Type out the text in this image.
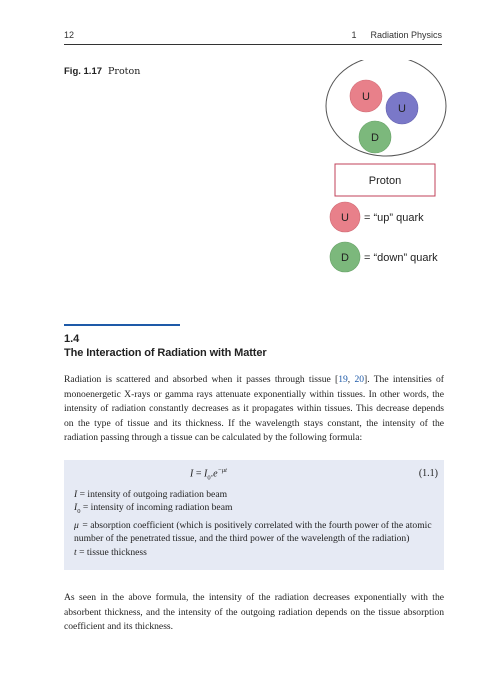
12	1 Radiation Physics
Fig. 1.17 Proton
U
U
D
Proton
U = “up” quark
D = “down” quark
1.4
The Interaction of Radiation with Matter

Radiation is scattered and absorbed when it passes through tissue [19, 20]. The intensities of monoenergetic X-rays or gamma rays attenuate exponentially within tissues. In other words, the intensity of radiation constantly decreases as it propagates within tissues. This decrease depends on the type of tissue and its thickness. If the wavelength stays constant, the intensity of the radiation passing through a tissue can be calculated by the following formula:

$I = I_0.e^{-\mu t}$	(1.1)
I = intensity of outgoing radiation beam
$I_0$ = intensity of incoming radiation beam
μ = absorption coefficient (which is positively correlated with the fourth power of the atomic number of the penetrated tissue, and the third power of the wavelength of the radiation)
t = tissue thickness

As seen in the above formula, the intensity of the radiation decreases exponentially with the absorbent thickness, and the intensity of the outgoing radiation depends on the tissue absorption coefficient and its thickness.
